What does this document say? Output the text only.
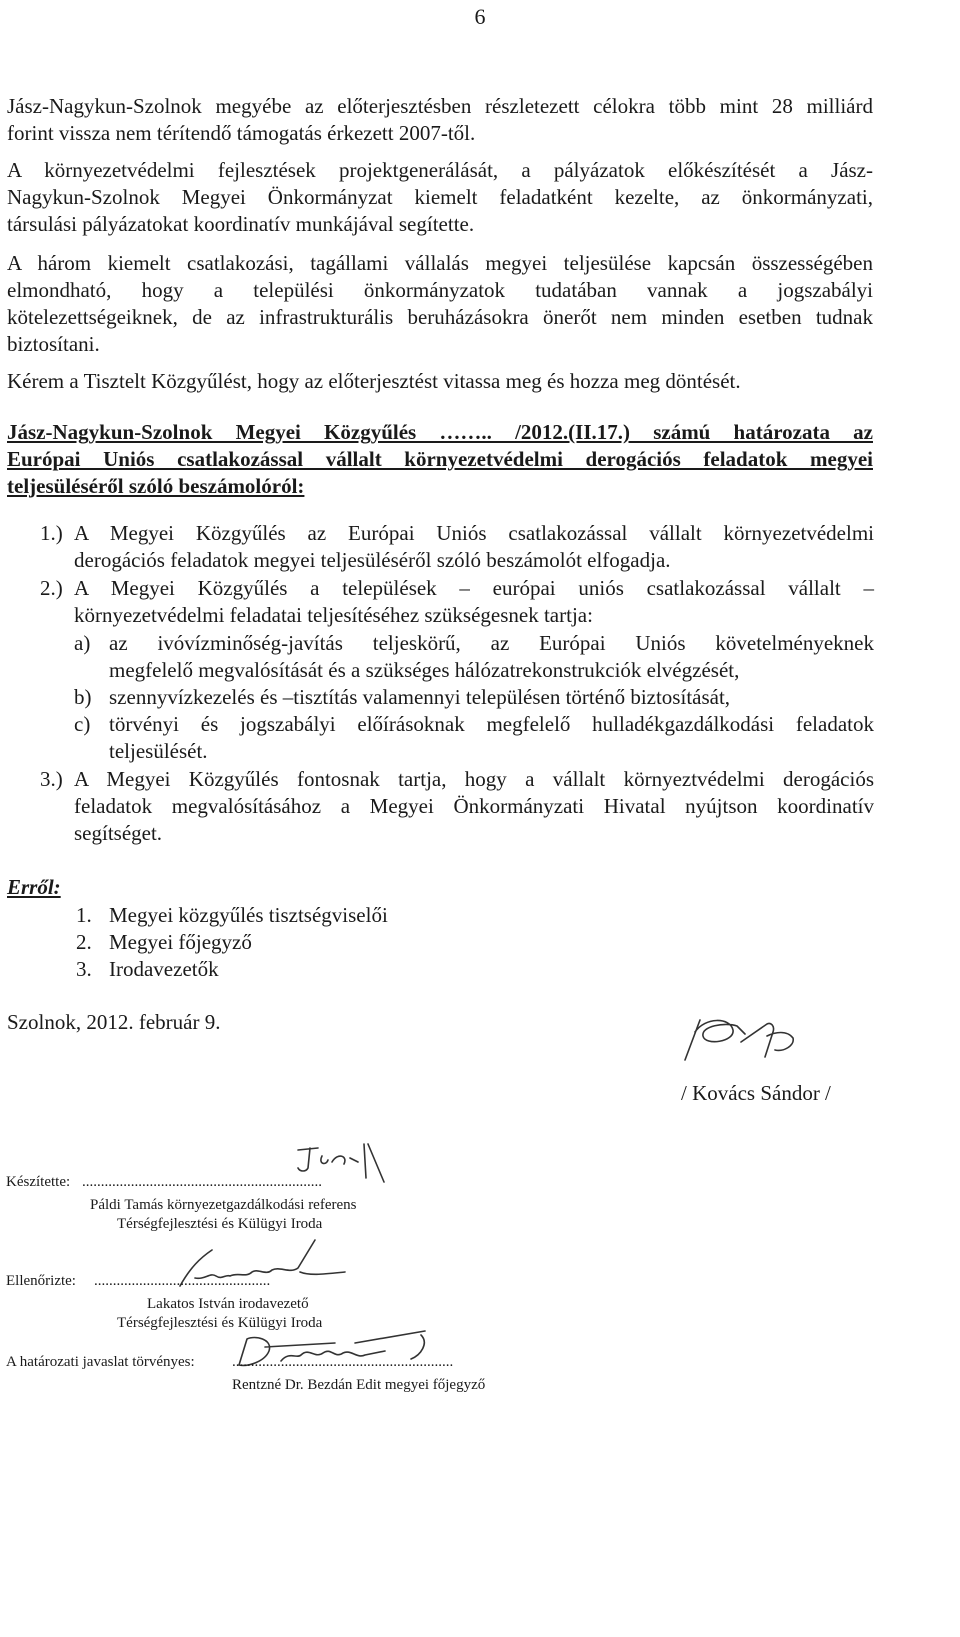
6
Jász-Nagykun-Szolnok megyébe az előterjesztésben részletezett célokra több mint 28 milliárd
forint vissza nem térítendő támogatás érkezett 2007-től.
A környezetvédelmi fejlesztések projektgenerálását, a pályázatok előkészítését a Jász-
Nagykun-Szolnok Megyei Önkormányzat kiemelt feladatként kezelte, az önkormányzati,
társulási pályázatokat koordinatív munkájával segítette.
A három kiemelt csatlakozási, tagállami vállalás megyei teljesülése kapcsán összességében
elmondható, hogy a települési önkormányzatok tudatában vannak a jogszabályi
kötelezettségeiknek, de az infrastrukturális beruházásokra önerőt nem minden esetben tudnak
biztosítani.
Kérem a Tisztelt Közgyűlést, hogy az előterjesztést vitassa meg és hozza meg döntését.
Jász-Nagykun-Szolnok Megyei Közgyűlés …….. /2012.(II.17.) számú határozata az
Európai Uniós csatlakozással vállalt környezetvédelmi derogációs feladatok megyei
teljesüléséről szóló beszámolóról:
1.) A Megyei Közgyűlés az Európai Uniós csatlakozással vállalt környezetvédelmi
derogációs feladatok megyei teljesüléséről szóló beszámolót elfogadja.
2.) A Megyei Közgyűlés a települések – európai uniós csatlakozással vállalt –
környezetvédelmi feladatai teljesítéséhez szükségesnek tartja:
a) az ivóvízminőség-javítás teljeskörű, az Európai Uniós követelményeknek
megfelelő megvalósítását és a szükséges hálózatrekonstrukciók elvégzését,
b) szennyvízkezelés és –tisztítás valamennyi településen történő biztosítását,
c) törvényi és jogszabályi előírásoknak megfelelő hulladékgazdálkodási feladatok
teljesülését.
3.) A Megyei Közgyűlés fontosnak tartja, hogy a vállalt környeztvédelmi derogációs
feladatok megvalósításához a Megyei Önkormányzati Hivatal nyújtson koordinatív
segítséget.
Erről:
1. Megyei közgyűlés tisztségviselői
2. Megyei főjegyző
3. Irodavezetők
Szolnok, 2012. február 9.
/ Kovács Sándor /
Készítette: ................................................................
Páldi Tamás környezetgazdálkodási referens
Térségfejlesztési és Külügyi Iroda
Ellenőrizte: ...............................................
Lakatos István irodavezető
Térségfejlesztési és Külügyi Iroda
A határozati javaslat törvényes: ...........................................................
Rentzné Dr. Bezdán Edit megyei főjegyző
